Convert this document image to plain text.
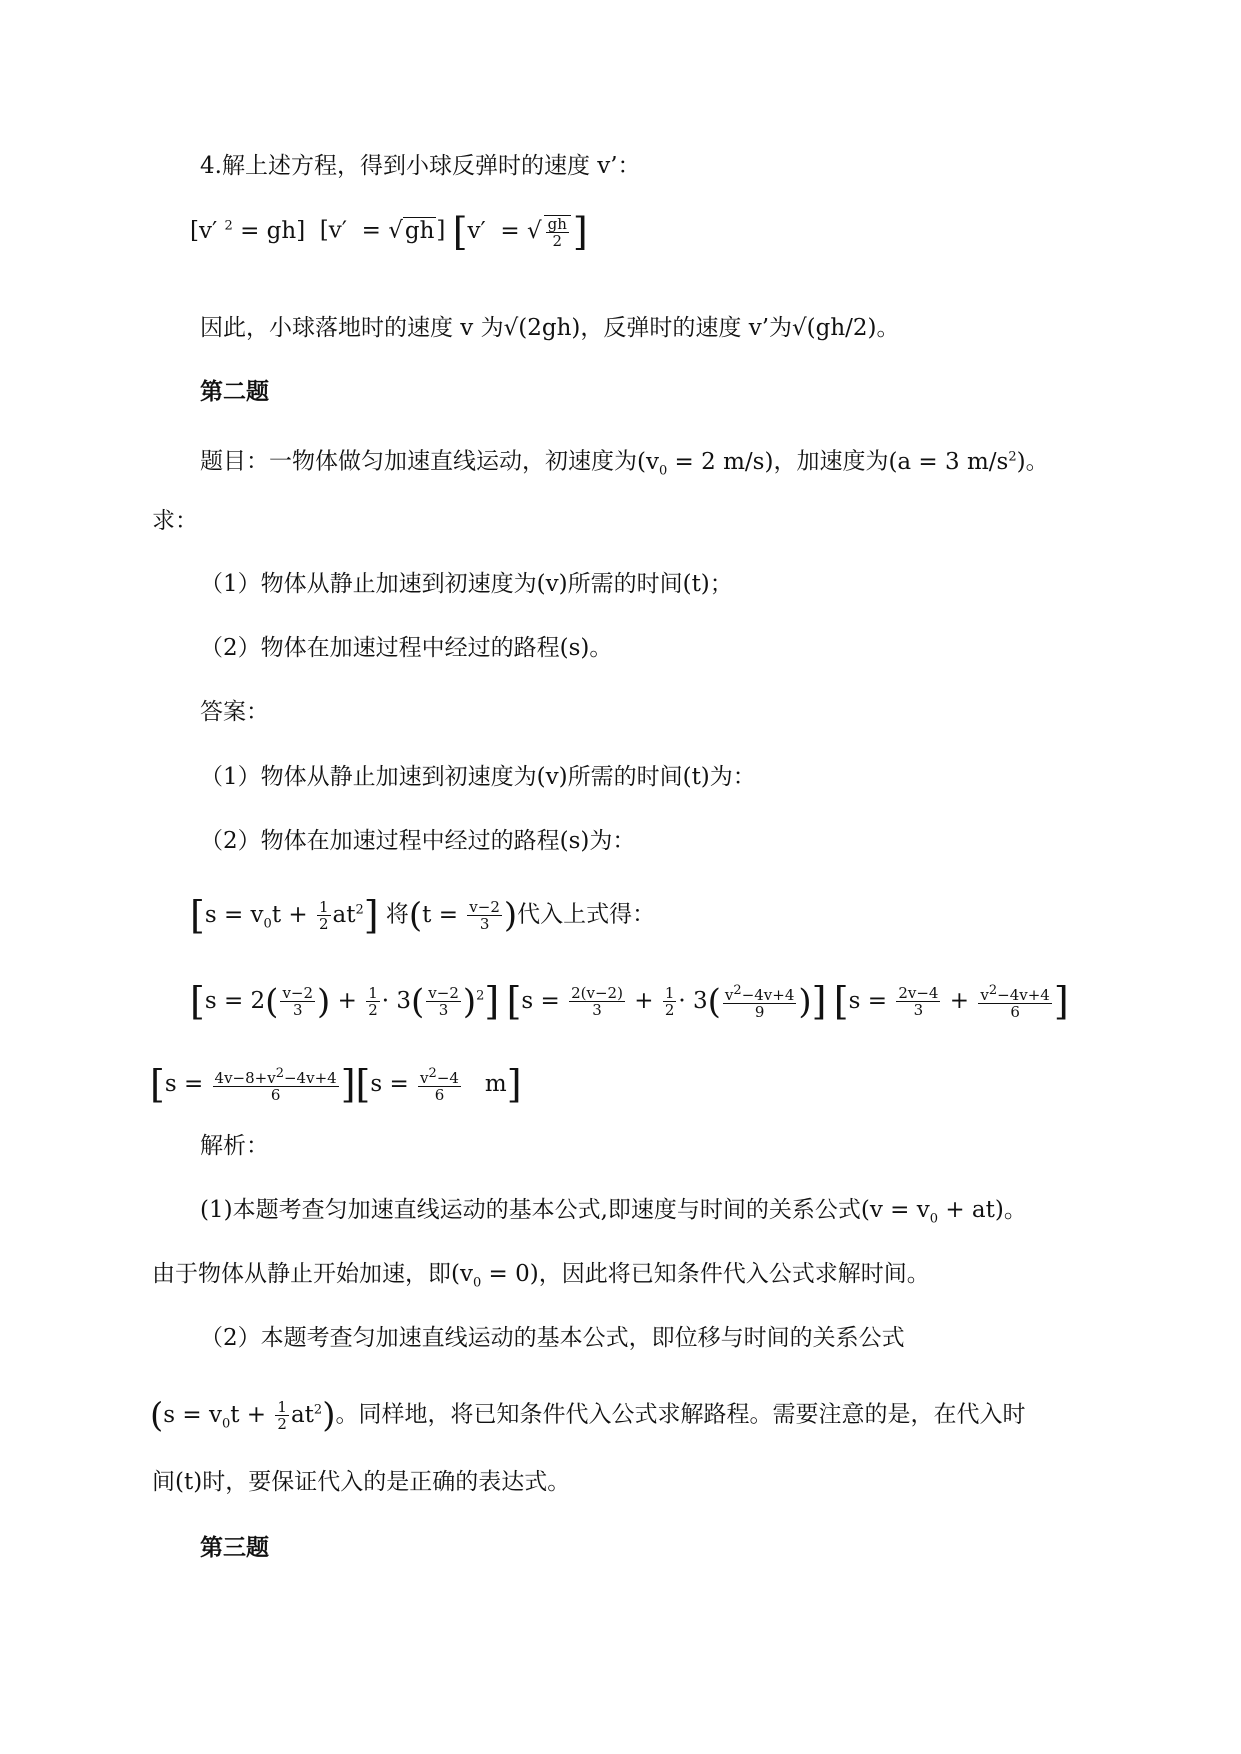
4.解上述方程，得到小球反弹时的速度 v’：
[v′ $^2$ = gh]  [v′  = √gh] [v′  = √ $\frac{gh}{2}$ ]
因此，小球落地时的速度 v 为√(2gh)，反弹时的速度 v’为√(gh/2)。
第二题
题目：一物体做匀加速直线运动，初速度为($v_0 = 2$ m/s)，加速度为(a = 3 $m/s^2$)。
求：
（1）物体从静止加速到初速度为(v)所需的时间(t)；
（2）物体在加速过程中经过的路程(s)。
答案：
（1）物体从静止加速到初速度为(v)所需的时间(t)为：
（2）物体在加速过程中经过的路程(s)为：
$[s = v_0t + \frac{1}{2} at^2]$ 将($t = \frac{v-2}{3}$ )代入上式得：
[$s = 2( \frac{v-2}{3}$ ) + $\frac{1}{2} \cdot 3( \frac{v-2}{3} )^2$] [$s = \frac{2(v-2)}{3} + \frac{1}{2} \cdot 3( \frac{v^2-4v+4}{9}$ )] [$s = \frac{2v-4}{3} + \frac{v^2-4v+4}{6}$ ]
$[s = \frac{4v-8+v^2-4v+4}{6} ][s = \frac{v^2-4}{6} m]$
解析：
(1)本题考查匀加速直线运动的基本公式,即速度与时间的关系公式$(v = v_0 + at)$。
由于物体从静止开始加速，即$(v_0 = 0)$，因此将已知条件代入公式求解时间。
（2）本题考查匀加速直线运动的基本公式，即位移与时间的关系公式
$(s = v_0t + \frac{1}{2} at^2)$。同样地，将已知条件代入公式求解路程。需要注意的是，在代入时
间(t)时，要保证代入的是正确的表达式。
第三题
